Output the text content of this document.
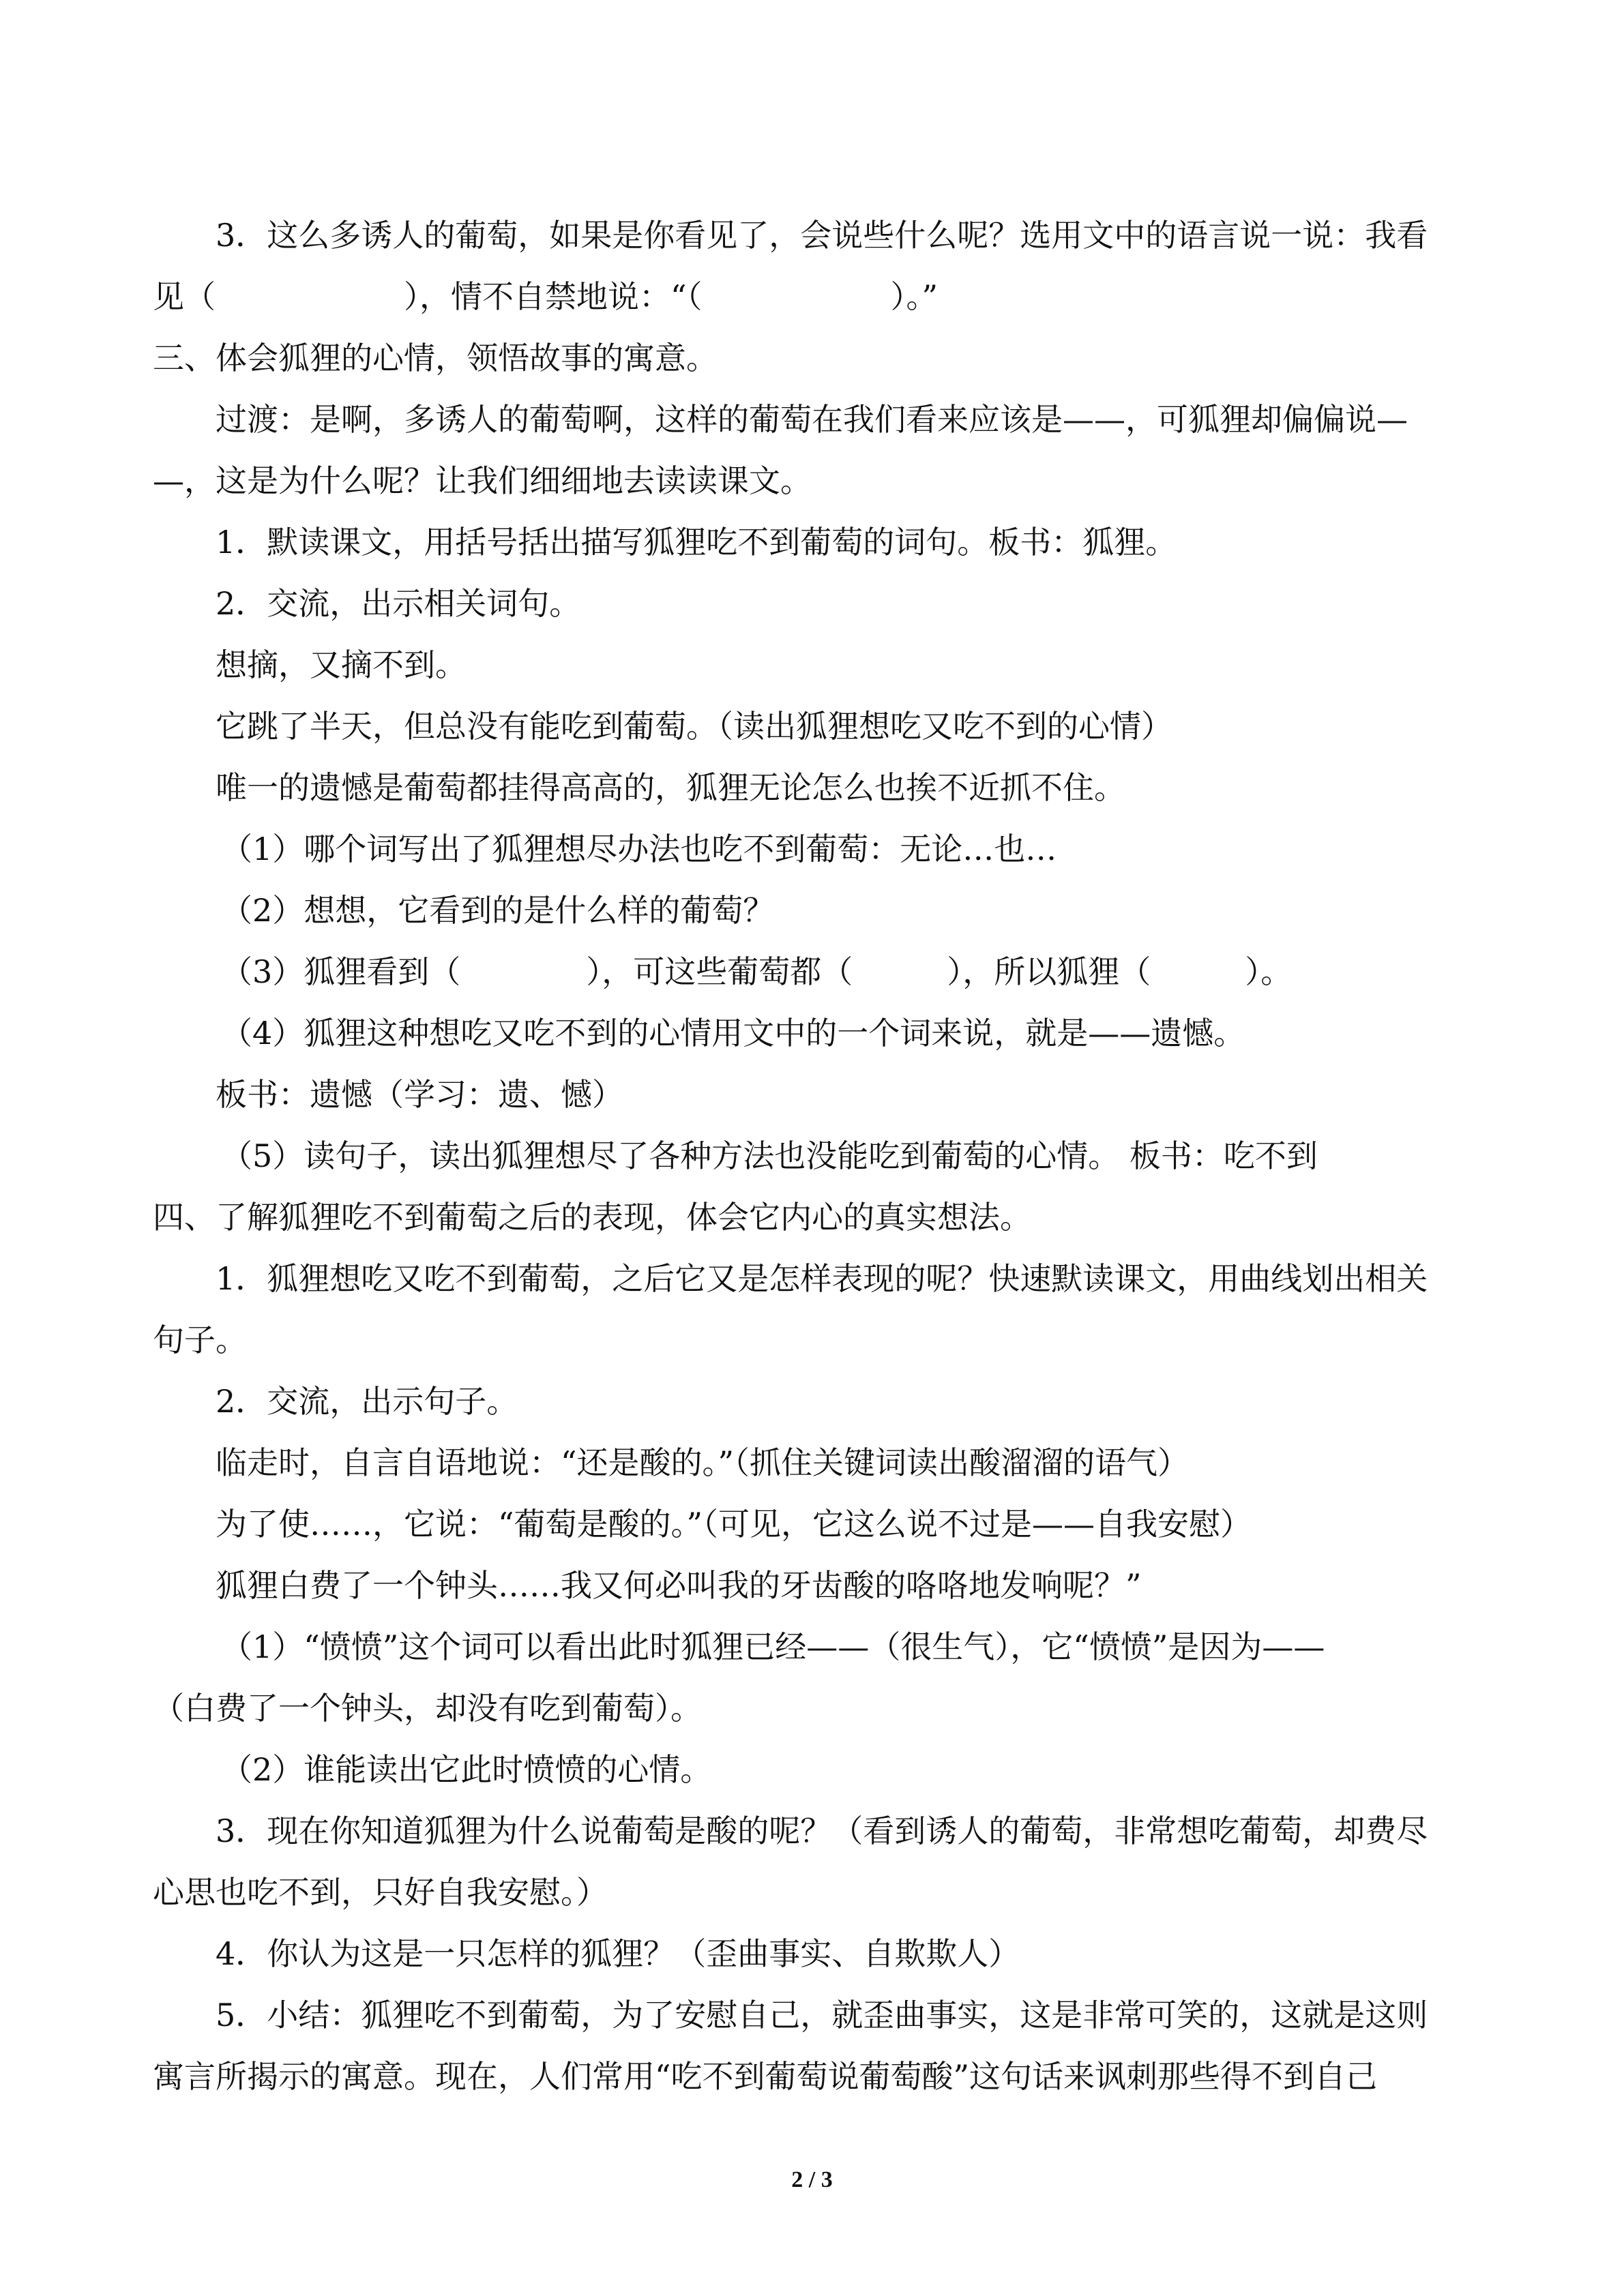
3．这么多诱人的葡萄，如果是你看见了，会说些什么呢？选用文中的语言说一说：我看
见（　　　　　　），情不自禁地说：“（　　　　　　）。”
三、体会狐狸的心情，领悟故事的寓意。
过渡：是啊，多诱人的葡萄啊，这样的葡萄在我们看来应该是——，可狐狸却偏偏说—
—，这是为什么呢？让我们细细地去读读课文。
1．默读课文，用括号括出描写狐狸吃不到葡萄的词句。板书：狐狸。
2．交流，出示相关词句。
想摘，又摘不到。
它跳了半天，但总没有能吃到葡萄。（读出狐狸想吃又吃不到的心情）
唯一的遗憾是葡萄都挂得高高的，狐狸无论怎么也挨不近抓不住。
（1）哪个词写出了狐狸想尽办法也吃不到葡萄：无论…也…
（2）想想，它看到的是什么样的葡萄？
（3）狐狸看到（　　　　），可这些葡萄都（　　　），所以狐狸（　　　）。
（4）狐狸这种想吃又吃不到的心情用文中的一个词来说，就是——遗憾。
板书：遗憾（学习：遗、憾）
（5）读句子，读出狐狸想尽了各种方法也没能吃到葡萄的心情。 板书：吃不到
四、了解狐狸吃不到葡萄之后的表现，体会它内心的真实想法。
1．狐狸想吃又吃不到葡萄，之后它又是怎样表现的呢？快速默读课文，用曲线划出相关
句子。
2．交流，出示句子。
临走时，自言自语地说：“还是酸的。”（抓住关键词读出酸溜溜的语气）
为了使……，它说：“葡萄是酸的。”（可见，它这么说不过是——自我安慰）
狐狸白费了一个钟头……我又何必叫我的牙齿酸的咯咯地发响呢？”
（1）“愤愤”这个词可以看出此时狐狸已经——（很生气），它“愤愤”是因为——
（白费了一个钟头，却没有吃到葡萄）。
（2）谁能读出它此时愤愤的心情。
3．现在你知道狐狸为什么说葡萄是酸的呢？（看到诱人的葡萄，非常想吃葡萄，却费尽
心思也吃不到，只好自我安慰。）
4．你认为这是一只怎样的狐狸？（歪曲事实、自欺欺人）
5．小结：狐狸吃不到葡萄，为了安慰自己，就歪曲事实，这是非常可笑的，这就是这则
寓言所揭示的寓意。现在，人们常用“吃不到葡萄说葡萄酸”这句话来讽刺那些得不到自己
2 / 3
